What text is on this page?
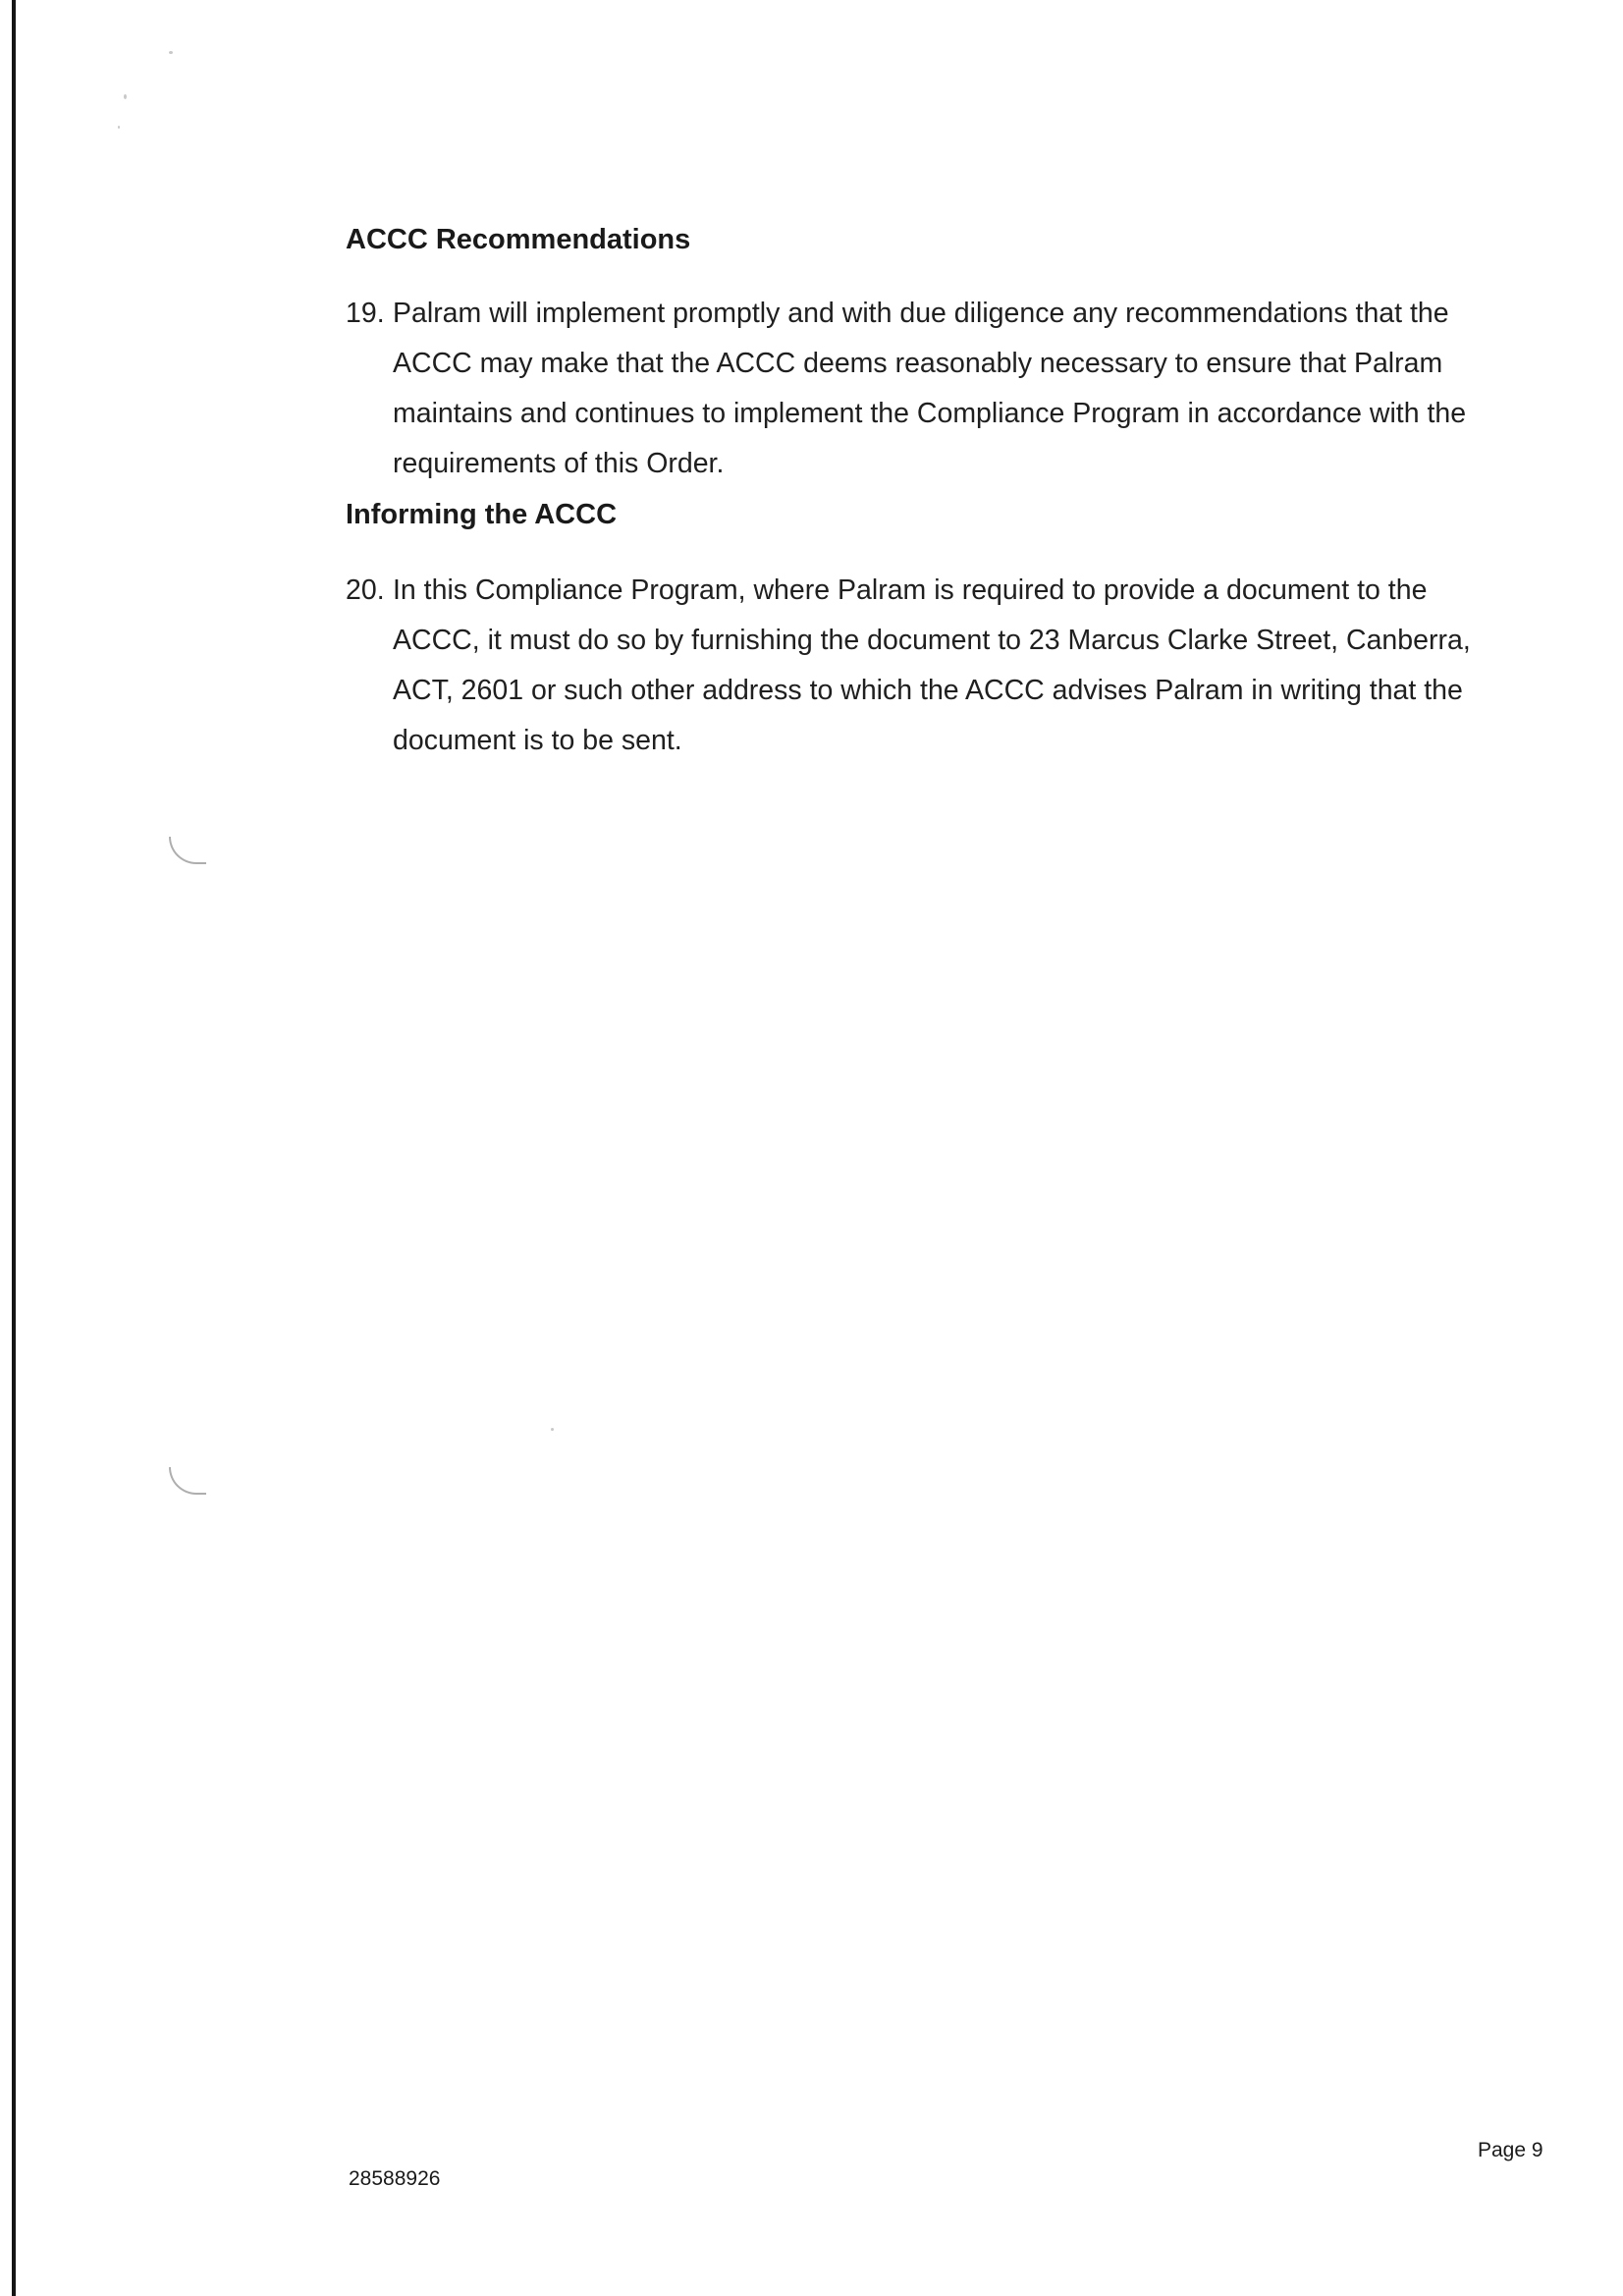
ACCC Recommendations
19. Palram will implement promptly and with due diligence any recommendations that the
ACCC may make that the ACCC deems reasonably necessary to ensure that Palram
maintains and continues to implement the Compliance Program in accordance with the
requirements of this Order.
Informing the ACCC
20. In this Compliance Program, where Palram is required to provide a document to the
ACCC, it must do so by furnishing the document to 23 Marcus Clarke Street, Canberra,
ACT, 2601 or such other address to which the ACCC advises Palram in writing that the
document is to be sent.
Page 9
28588926
